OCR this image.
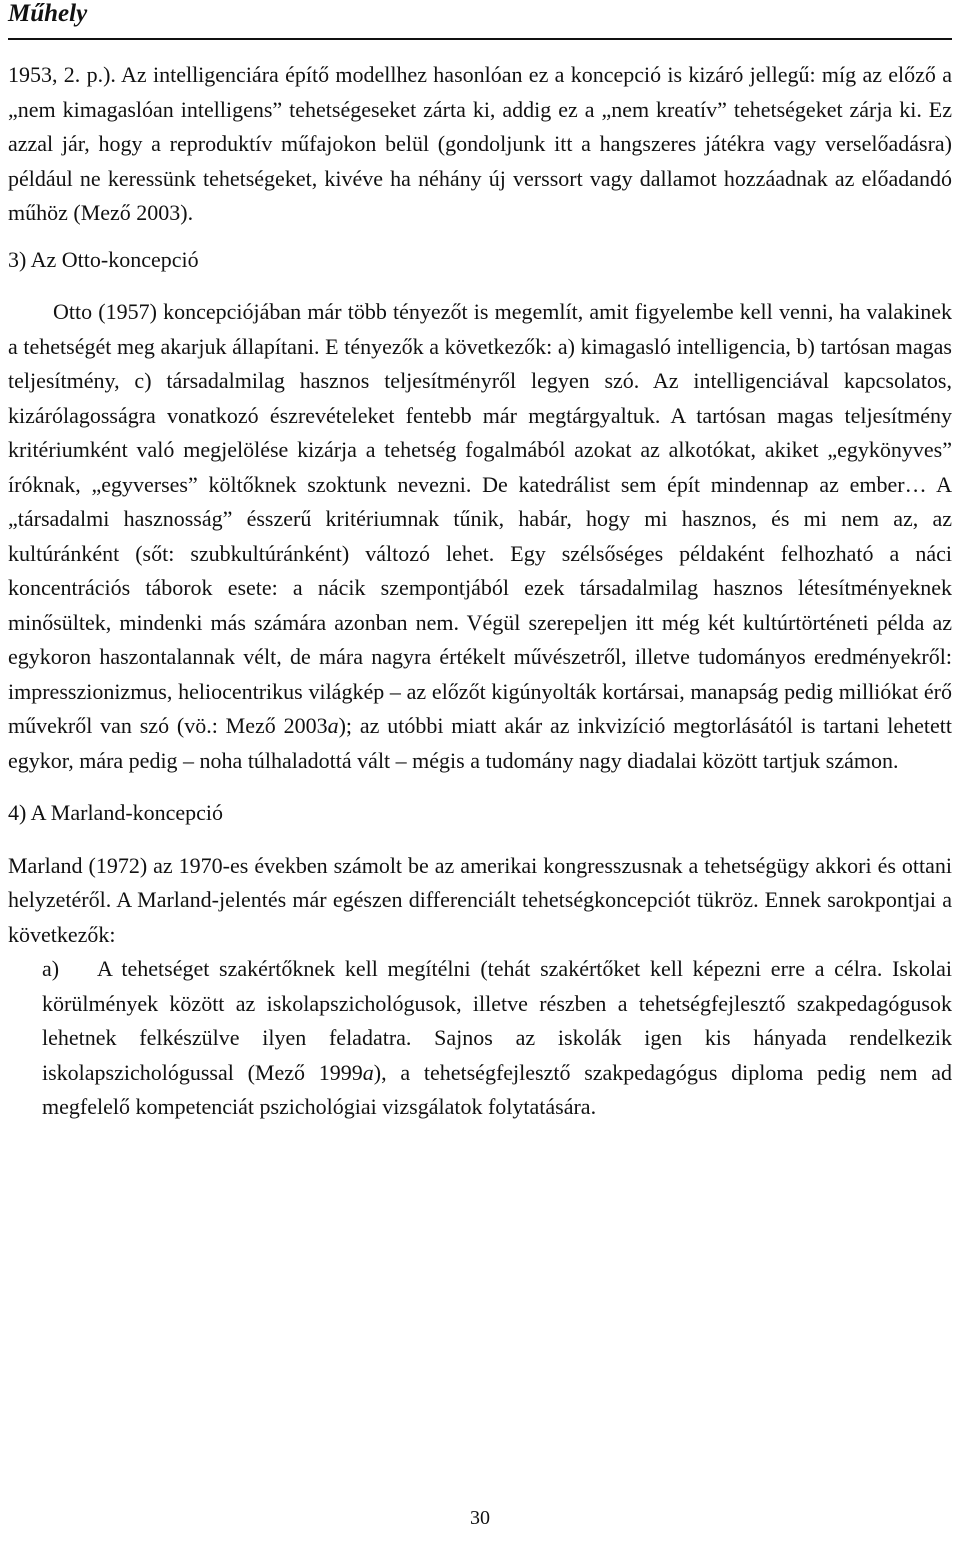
Műhely

1953, 2. p.). Az intelligenciára építő modellhez hasonlóan ez a koncepció is kizáró jellegű: míg az előző a „nem kimagaslóan intelligens” tehetségeseket zárta ki, addig ez a „nem kreatív” tehetségeket zárja ki. Ez azzal jár, hogy a reproduktív műfajokon belül (gondoljunk itt a hangszeres játékra vagy verselőadásra) például ne keressünk tehetségeket, kivéve ha néhány új verssort vagy dallamot hozzáadnak az előadandó műhöz (Mező 2003).

3) Az Otto-koncepció

Otto (1957) koncepciójában már több tényezőt is megemlít, amit figyelembe kell venni, ha valakinek a tehetségét meg akarjuk állapítani. E tényezők a következők: a) kimagasló intelligencia, b) tartósan magas teljesítmény, c) társadalmilag hasznos teljesítményről legyen szó. Az intelligenciával kapcsolatos, kizárólagosságra vonatkozó észrevételeket fentebb már megtárgyaltuk. A tartósan magas teljesítmény kritériumként való megjelölése kizárja a tehetség fogalmából azokat az alkotókat, akiket „egykönyves” íróknak, „egyverses” költőknek szoktunk nevezni. De katedrálist sem épít mindennap az ember… A „társadalmi hasznosság” ésszerű kritériumnak tűnik, habár, hogy mi hasznos, és mi nem az, az kultúránként (sőt: szubkultúránként) változó lehet. Egy szélsőséges példaként felhozható a náci koncentrációs táborok esete: a nácik szempontjából ezek társadalmilag hasznos létesítményeknek minősültek, mindenki más számára azonban nem. Végül szerepeljen itt még két kultúrtörténeti példa az egykoron haszontalannak vélt, de mára nagyra értékelt művészetről, illetve tudományos eredményekről: impresszionizmus, heliocentrikus világkép – az előzőt kigúnyolták kortársai, manapság pedig milliókat érő művekről van szó (vö.: Mező 2003a); az utóbbi miatt akár az inkvizíció megtorlásától is tartani lehetett egykor, mára pedig – noha túlhaladottá vált – mégis a tudomány nagy diadalai között tartjuk számon.

4) A Marland-koncepció

Marland (1972) az 1970-es években számolt be az amerikai kongresszusnak a tehetségügy akkori és ottani helyzetéről. A Marland-jelentés már egészen differenciált tehetségkoncepciót tükröz. Ennek sarokpontjai a következők:

a) A tehetséget szakértőknek kell megítélni (tehát szakértőket kell képezni erre a célra. Iskolai körülmények között az iskolapszichológusok, illetve részben a tehetségfejlesztő szakpedagógusok lehetnek felkészülve ilyen feladatra. Sajnos az iskolák igen kis hányada rendelkezik iskolapszichológussal (Mező 1999a), a tehetségfejlesztő szakpedagógus diploma pedig nem ad megfelelő kompetenciát pszichológiai vizsgálatok folytatására.

30
